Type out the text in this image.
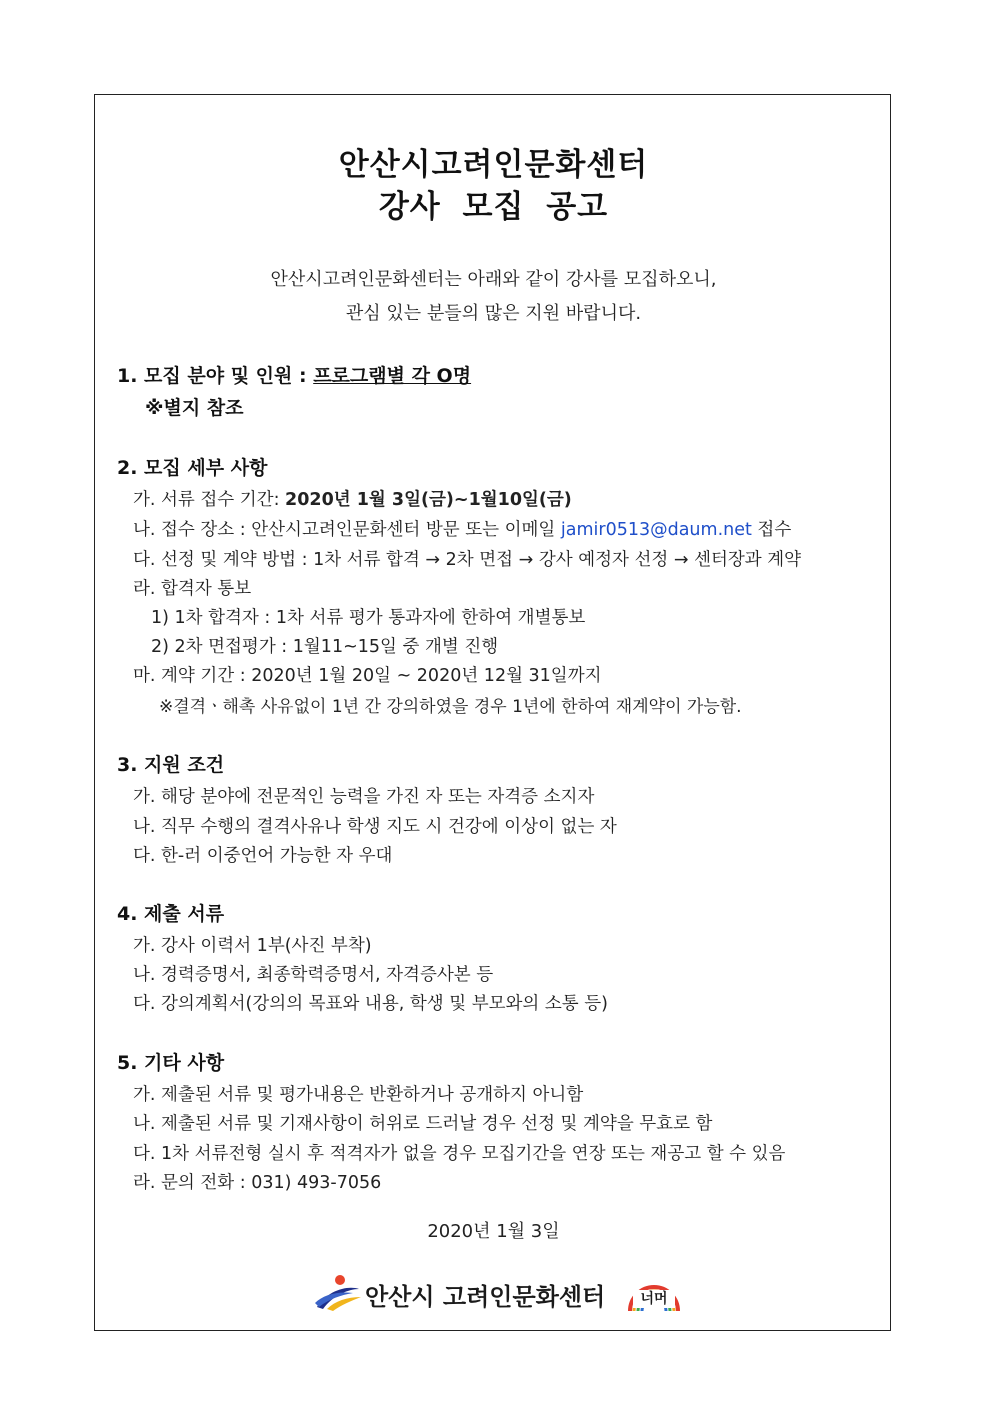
안산시고려인문화센터
강사 모집 공고
안산시고려인문화센터는 아래와 같이 강사를 모집하오니,
관심 있는 분들의 많은 지원 바랍니다.
1. 모집 분야 및 인원 : 프로그램별 각 O명
※별지 참조
2. 모집 세부 사항
가. 서류 접수 기간: 2020년 1월 3일(금)~1월10일(금)
나. 접수 장소 : 안산시고려인문화센터 방문 또는 이메일 jamir0513@daum.net 접수
다. 선정 및 계약 방법 : 1차 서류 합격 → 2차 면접 → 강사 예정자 선정 → 센터장과 계약
라. 합격자 통보
1) 1차 합격자 : 1차 서류 평가 통과자에 한하여 개별통보
2) 2차 면접평가 : 1월11~15일 중 개별 진행
마. 계약 기간 : 2020년 1월 20일 ~ 2020년 12월 31일까지
※결격ㆍ해촉 사유없이 1년 간 강의하였을 경우 1년에 한하여 재계약이 가능함.
3. 지원 조건
가. 해당 분야에 전문적인 능력을 가진 자 또는 자격증 소지자
나. 직무 수행의 결격사유나 학생 지도 시 건강에 이상이 없는 자
다. 한-러 이중언어 가능한 자 우대
4. 제출 서류
가. 강사 이력서 1부(사진 부착)
나. 경력증명서, 최종학력증명서, 자격증사본 등
다. 강의계획서(강의의 목표와 내용, 학생 및 부모와의 소통 등)
5. 기타 사항
가. 제출된 서류 및 평가내용은 반환하거나 공개하지 아니함
나. 제출된 서류 및 기재사항이 허위로 드러날 경우 선정 및 계약을 무효로 함
다. 1차 서류전형 실시 후 적격자가 없을 경우 모집기간을 연장 또는 재공고 할 수 있음
라. 문의 전화 : 031) 493-7056
2020년 1월 3일
안산시 고려인문화센터	너머
